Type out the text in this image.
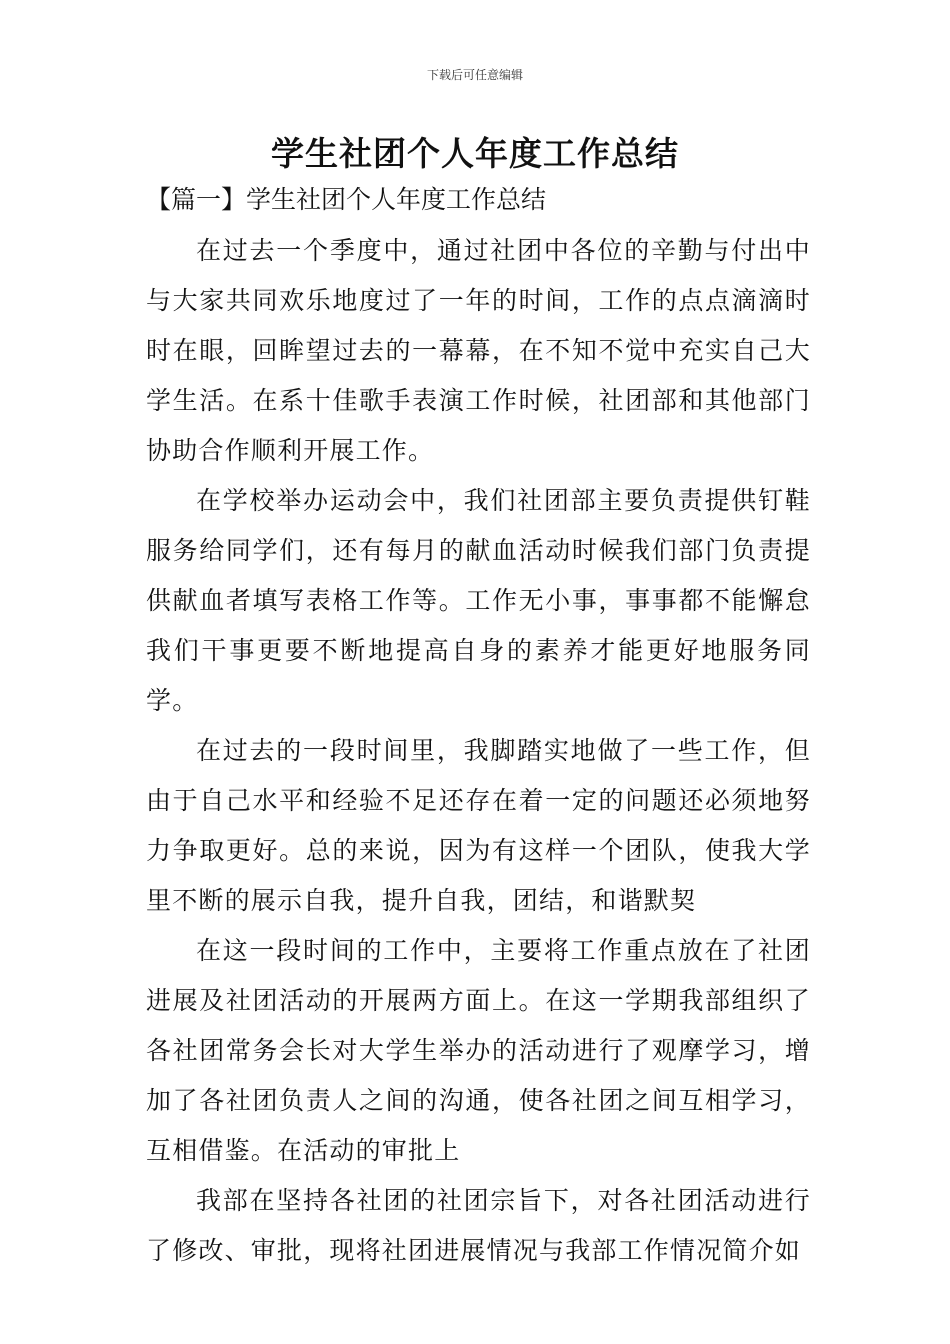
下载后可任意编辑
学生社团个人年度工作总结
【篇一】学生社团个人年度工作总结

在过去一个季度中，通过社团中各位的辛勤与付出中与大家共同欢乐地度过了一年的时间，工作的点点滴滴时时在眼，回眸望过去的一幕幕，在不知不觉中充实自己大学生活。在系十佳歌手表演工作时候，社团部和其他部门协助合作顺利开展工作。

在学校举办运动会中，我们社团部主要负责提供钉鞋服务给同学们，还有每月的献血活动时候我们部门负责提供献血者填写表格工作等。工作无小事，事事都不能懈怠我们干事更要不断地提高自身的素养才能更好地服务同学。

在过去的一段时间里，我脚踏实地做了一些工作，但由于自己水平和经验不足还存在着一定的问题还必须地努力争取更好。总的来说，因为有这样一个团队，使我大学里不断的展示自我，提升自我，团结，和谐默契

在这一段时间的工作中，主要将工作重点放在了社团进展及社团活动的开展两方面上。在这一学期我部组织了各社团常务会长对大学生举办的活动进行了观摩学习，增加了各社团负责人之间的沟通，使各社团之间互相学习，互相借鉴。在活动的审批上

我部在坚持各社团的社团宗旨下，对各社团活动进行了修改、审批，现将社团进展情况与我部工作情况简介如
